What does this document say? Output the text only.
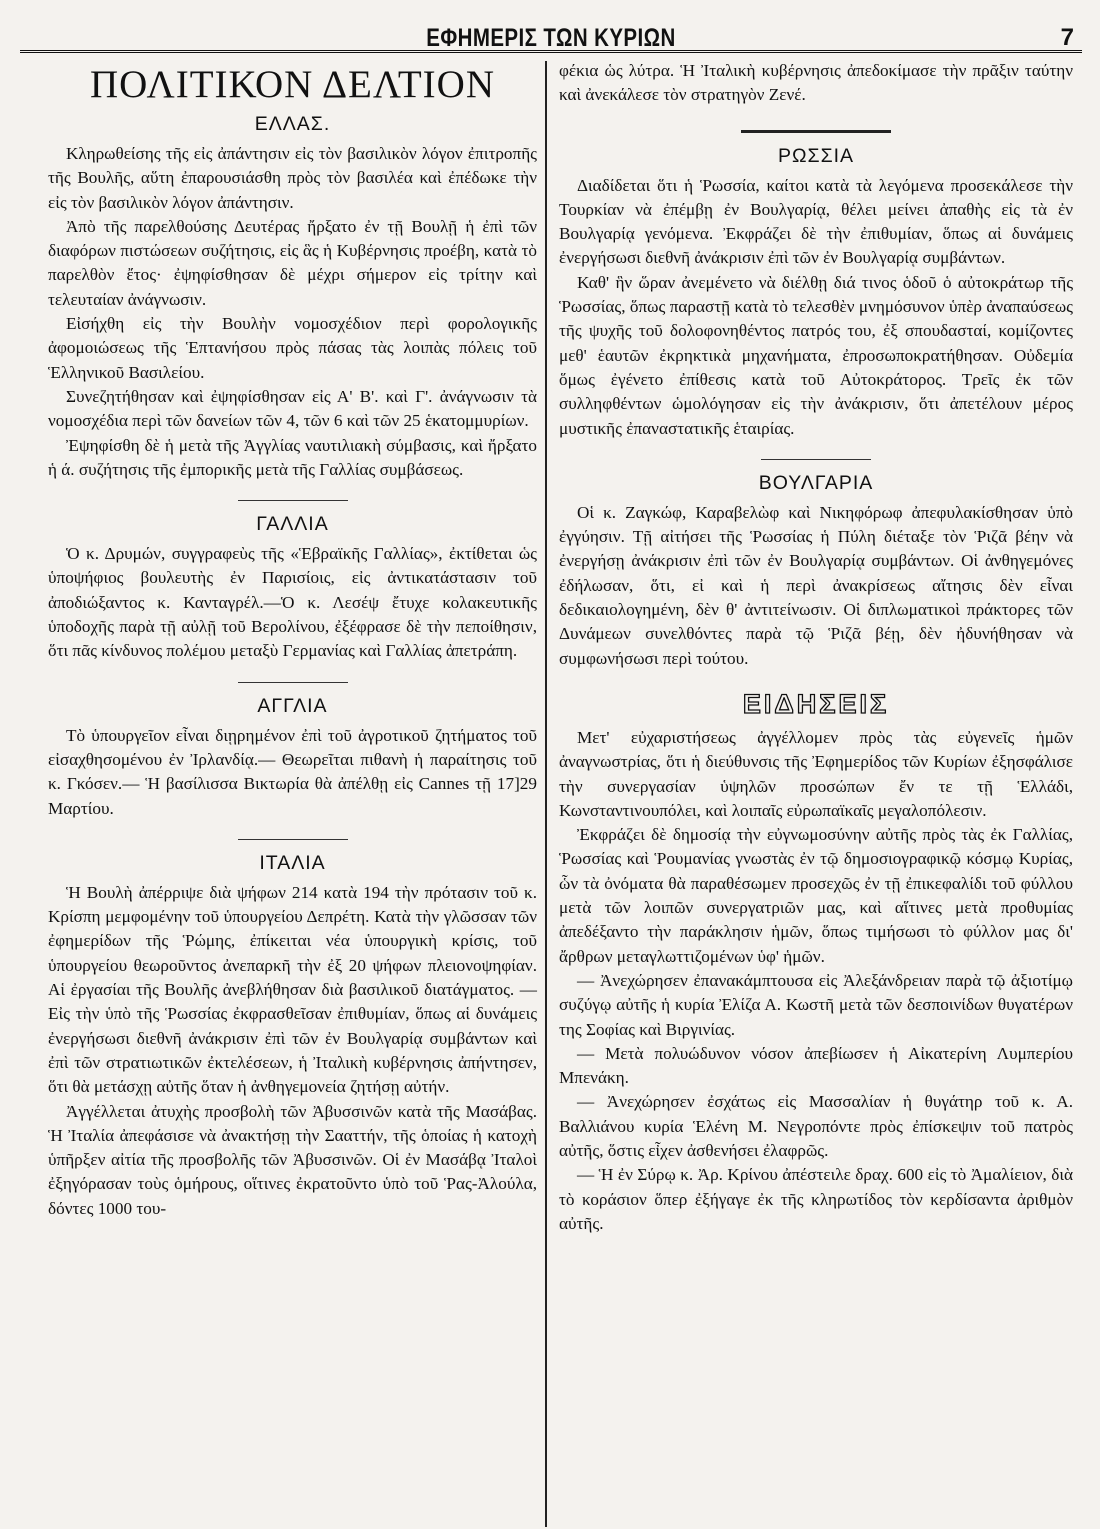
ΕΦΗΜΕΡΙΣ ΤΩΝ ΚΥΡΙΩΝ	7
ΠΟΛΙΤΙΚΟΝ ΔΕΛΤΙΟΝ
ΕΛΛΑΣ.

Κληρωθείσης τῆς εἰς ἀπάντησιν εἰς τὸν βασιλικὸν λόγον ἐπιτροπῆς τῆς Βουλῆς, αὕτη ἐπαρουσιάσθη πρὸς τὸν βασιλέα καὶ ἐπέδωκε τὴν εἰς τὸν βασιλικὸν λόγον ἀπάντησιν.

Ἀπὸ τῆς παρελθούσης Δευτέρας ἤρξατο ἐν τῇ Βουλῇ ἡ ἐπὶ τῶν διαφόρων πιστώσεων συζήτησις, εἰς ἃς ἡ Κυβέρνησις προέβη, κατὰ τὸ παρελθὸν ἔτος· ἐψηφίσθησαν δὲ μέχρι σήμερον εἰς τρίτην καὶ τελευταίαν ἀνάγνωσιν.

Εἰσήχθη εἰς τὴν Βουλὴν νομοσχέδιον περὶ φορολογικῆς ἀφομοιώσεως τῆς Ἑπτανήσου πρὸς πάσας τὰς λοιπὰς πόλεις τοῦ Ἑλληνικοῦ Βασιλείου.

Συνεζητήθησαν καὶ ἐψηφίσθησαν εἰς Α' Β'. καὶ Γ'. ἀνάγνωσιν τὰ νομοσχέδια περὶ τῶν δανείων τῶν 4, τῶν 6 καὶ τῶν 25 ἑκατομμυρίων.

Ἐψηφίσθη δὲ ἡ μετὰ τῆς Ἀγγλίας ναυτιλιακὴ σύμβασις, καὶ ἤρξατο ἡ ά. συζήτησις τῆς ἐμπορικῆς μετὰ τῆς Γαλλίας συμβάσεως.

ΓΑΛΛΙΑ

Ὁ κ. Δρυμών, συγγραφεὺς τῆς «Ἑβραϊκῆς Γαλλίας», ἐκτίθεται ὡς ὑποψήφιος βουλευτὴς ἐν Παρισίοις, εἰς ἀντικατάστασιν τοῦ ἀποδιώξαντος κ. Κανταγρέλ.—Ὁ κ. Λεσέψ ἔτυχε κολακευτικῆς ὑποδοχῆς παρὰ τῇ αὐλῇ τοῦ Βερολίνου, ἐξέφρασε δὲ τὴν πεποίθησιν, ὅτι πᾶς κίνδυνος πολέμου μεταξὺ Γερμανίας καὶ Γαλλίας ἀπετράπη.

ΑΓΓΛΙΑ

Τὸ ὑπουργεῖον εἶναι διῃρημένον ἐπὶ τοῦ ἀγροτικοῦ ζητήματος τοῦ εἰσαχθησομένου ἐν Ἰρλανδίᾳ.— Θεωρεῖται πιθανὴ ἡ παραίτησις τοῦ κ. Γκόσεν.— Ἡ βασίλισσα Βικτωρία θὰ ἀπέλθῃ εἰς Cannes τῇ 17]29 Μαρτίου.

ΙΤΑΛΙΑ

Ἡ Βουλὴ ἀπέρριψε διὰ ψήφων 214 κατὰ 194 τὴν πρότασιν τοῦ κ. Κρίσπη μεμφομένην τοῦ ὑπουργείου Δεπρέτη. Κατὰ τὴν γλῶσσαν τῶν ἐφημερίδων τῆς Ῥώμης, ἐπίκειται νέα ὑπουργικὴ κρίσις, τοῦ ὑπουργείου θεωροῦντος ἀνεπαρκῆ τὴν ἐξ 20 ψήφων πλειονοψηφίαν. Αἱ ἐργασίαι τῆς Βουλῆς ἀνεβλήθησαν διὰ βασιλικοῦ διατάγματος. — Εἰς τὴν ὑπὸ τῆς Ῥωσσίας ἐκφρασθεῖσαν ἐπιθυμίαν, ὅπως αἱ δυνάμεις ἐνεργήσωσι διεθνῆ ἀνάκρισιν ἐπὶ τῶν ἐν Βουλγαρίᾳ συμβάντων καὶ ἐπὶ τῶν στρατιωτικῶν ἐκτελέσεων, ἡ Ἰταλικὴ κυβέρνησις ἀπήντησεν, ὅτι θὰ μετάσχῃ αὐτῆς ὅταν ἡ ἀνθηγεμονεία ζητήσῃ αὐτήν.

Ἀγγέλλεται ἀτυχὴς προσβολὴ τῶν Ἀβυσσινῶν κατὰ τῆς Μασάβας. Ἡ Ἰταλία ἀπεφάσισε νὰ ἀνακτήσῃ τὴν Σααττήν, τῆς ὁποίας ἡ κατοχὴ ὑπῆρξεν αἰτία τῆς προσβολῆς τῶν Ἀβυσσινῶν. Οἱ ἐν Μασάβᾳ Ἰταλοὶ ἐξηγόρασαν τοὺς ὁμήρους, οἵτινες ἐκρατοῦντο ὑπὸ τοῦ Ῥας-Ἀλούλα, δόντες 1000 του-

φέκια ὡς λύτρα. Ἡ Ἰταλικὴ κυβέρνησις ἀπεδοκίμασε τὴν πρᾶξιν ταύτην καὶ ἀνεκάλεσε τὸν στρατηγὸν Ζενέ.

ΡΩΣΣΙΑ

Διαδίδεται ὅτι ἡ Ῥωσσία, καίτοι κατὰ τὰ λεγόμενα προσεκάλεσε τὴν Τουρκίαν νὰ ἐπέμβῃ ἐν Βουλγαρίᾳ, θέλει μείνει ἀπαθὴς εἰς τὰ ἐν Βουλγαρίᾳ γενόμενα. Ἐκφράζει δὲ τὴν ἐπιθυμίαν, ὅπως αἱ δυνάμεις ἐνεργήσωσι διεθνῆ ἀνάκρισιν ἐπὶ τῶν ἐν Βουλγαρίᾳ συμβάντων.

Καθ' ἣν ὥραν ἀνεμένετο νὰ διέλθῃ διά τινος ὁδοῦ ὁ αὐτοκράτωρ τῆς Ῥωσσίας, ὅπως παραστῇ κατὰ τὸ τελεσθὲν μνημόσυνον ὑπὲρ ἀναπαύσεως τῆς ψυχῆς τοῦ δολοφονηθέντος πατρός του, ἐξ σπουδασταί, κομίζοντες μεθ' ἑαυτῶν ἐκρηκτικὰ μηχανήματα, ἐπροσωποκρατήθησαν. Οὐδεμία ὅμως ἐγένετο ἐπίθεσις κατὰ τοῦ Αὐτοκράτορος. Τρεῖς ἐκ τῶν συλληφθέντων ὡμολόγησαν εἰς τὴν ἀνάκρισιν, ὅτι ἀπετέλουν μέρος μυστικῆς ἐπαναστατικῆς ἑταιρίας.

ΒΟΥΛΓΑΡΙΑ

Οἱ κ. Ζαγκώφ, Καραβελὼφ καὶ Νικηφόρωφ ἀπεφυλακίσθησαν ὑπὸ ἐγγύησιν. Τῇ αἰτήσει τῆς Ῥωσσίας ἡ Πύλη διέταξε τὸν Ῥιζᾶ βέην νὰ ἐνεργήσῃ ἀνάκρισιν ἐπὶ τῶν ἐν Βουλγαρίᾳ συμβάντων. Οἱ ἀνθηγεμόνες ἐδήλωσαν, ὅτι, εἰ καὶ ἡ περὶ ἀνακρίσεως αἴτησις δὲν εἶναι δεδικαιολογημένη, δὲν θ' ἀντιτείνωσιν. Οἱ διπλωματικοὶ πράκτορες τῶν Δυνάμεων συνελθόντες παρὰ τῷ Ῥιζᾶ βέῃ, δὲν ἠδυνήθησαν νὰ συμφωνήσωσι περὶ τούτου.

ΕΙΔΗΣΕΙΣ

Μετ' εὐχαριστήσεως ἀγγέλλομεν πρὸς τὰς εὐγενεῖς ἡμῶν ἀναγνωστρίας, ὅτι ἡ διεύθυνσις τῆς Ἐφημερίδος τῶν Κυρίων ἐξησφάλισε τὴν συνεργασίαν ὑψηλῶν προσώπων ἔν τε τῇ Ἑλλάδι, Κωνσταντινουπόλει, καὶ λοιπαῖς εὐρωπαϊκαῖς μεγαλοπόλεσιν.

Ἐκφράζει δὲ δημοσίᾳ τὴν εὐγνωμοσύνην αὐτῆς πρὸς τὰς ἐκ Γαλλίας, Ῥωσσίας καὶ Ῥουμανίας γνωστὰς ἐν τῷ δημοσιογραφικῷ κόσμῳ Κυρίας, ὧν τὰ ὀνόματα θὰ παραθέσωμεν προσεχῶς ἐν τῇ ἐπικεφαλίδι τοῦ φύλλου μετὰ τῶν λοιπῶν συνεργατριῶν μας, καὶ αἵτινες μετὰ προθυμίας ἀπεδέξαντο τὴν παράκλησιν ἡμῶν, ὅπως τιμήσωσι τὸ φύλλον μας δι' ἄρθρων μεταγλωττιζομένων ὑφ' ἡμῶν.

— Ἀνεχώρησεν ἐπανακάμπτουσα εἰς Ἀλεξάνδρειαν παρὰ τῷ ἀξιοτίμῳ συζύγῳ αὐτῆς ἡ κυρία Ἐλίζα Α. Κωστῆ μετὰ τῶν δεσποινίδων θυγατέρων της Σοφίας καὶ Βιργινίας.

— Μετὰ πολυώδυνον νόσον ἀπεβίωσεν ἡ Αἰκατερίνη Λυμπερίου Μπενάκη.

— Ἀνεχώρησεν ἐσχάτως εἰς Μασσαλίαν ἡ θυγάτηρ τοῦ κ. Α. Βαλλιάνου κυρία Ἑλένη Μ. Νεγροπόντε πρὸς ἐπίσκεψιν τοῦ πατρὸς αὐτῆς, ὅστις εἶχεν ἀσθενήσει ἐλαφρῶς.

— Ἡ ἐν Σύρῳ κ. Ἀρ. Κρίνου ἀπέστειλε δραχ. 600 εἰς τὸ Ἀμαλίειον, διὰ τὸ κοράσιον ὅπερ ἐξήγαγε ἐκ τῆς κληρωτίδος τὸν κερδίσαντα ἀριθμὸν αὐτῆς.
